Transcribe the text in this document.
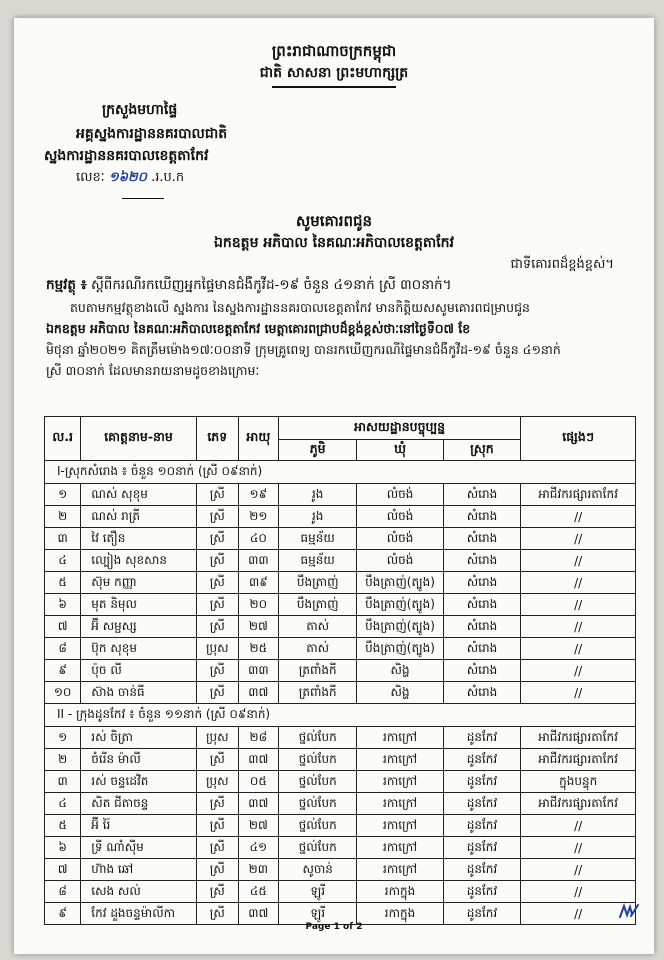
ព្រះរាជាណាចក្រកម្ពុជា
ជាតិ សាសនា ព្រះមហាក្សត្រ
ក្រសួងមហាផ្ទៃ
អគ្គស្នងការដ្ឋាននគរបាលជាតិ
ស្នងការដ្ឋាននគរបាលខេត្តតាកែវ
លេខៈ ១៦២០ .រ.ប.ក
សូមគោរពជូន
ឯកឧត្តម អភិបាល នៃគណៈអភិបាលខេត្តតាកែវ
ជាទីគោរពដ៏ខ្ពង់ខ្ពស់។
កម្មវត្ថុ ៖ ស្តីពីករណីរកឃើញអ្នកផ្ទៃមានជំងឺកូវីដ-១៩ ចំនួន ៤១នាក់ ស្រី ៣០នាក់។
តបតាមកម្មវត្ថុខាងលើ ស្នងការ នៃស្នងការដ្ឋាននគរបាលខេត្តតាកែវ មានកិត្តិយសសូមគោរពជម្រាបជូន
ឯកឧត្តម អភិបាល នៃគណៈអភិបាលខេត្តតាកែវ មេត្តាគោរពជ្រាបដ៏ខ្ពង់ខ្ពស់ថាៈនៅថ្ងៃទី០៧ ខែ
មិថុនា ឆ្នាំ២០២១ គិតត្រឹមម៉ោង១៧ៈ០០នាទី ក្រុមគ្រូពេទ្យ បានរកឃើញករណីផ្ទៃមានជំងឺកូវីដ-១៩ ចំនួន ៤១នាក់
ស្រី ៣០នាក់ ដែលមានរាយនាមដូចខាងក្រោមៈ
ល.រ	គោត្តនាម-នាម	ភេទ	អាយុ	អាសយដ្ឋានបច្ចុប្បន្ន			ផ្សេងៗ
				ភូមិ	ឃុំ	ស្រុក	
I-ស្រុកសំរោង ៖ ចំនួន ១០នាក់ (ស្រី ០៩នាក់)							
១	ណស់ សុខុម	ស្រី	១៩	រូង	លំចង់	សំរោង	អាជីវករផ្សារតាកែវ
២	ណស់ រាត្រី	ស្រី	២១	រូង	លំចង់	សំរោង	//
៣	វៃ តឿន	ស្រី	៤០	ធម្មន័យ	លំចង់	សំរោង	//
៤	ល្បៀង សុខសាន	ស្រី	៣៣	ធម្មន័យ	លំចង់	សំរោង	//
៥	ស៊ុម កញ្ញា	ស្រី	៣៩	បឹងត្រាញ់	បឹងត្រាញ់(ត្បូង)	សំរោង	//
៦	មុត និមុល	ស្រី	២០	បឹងត្រាញ់	បឹងត្រាញ់(ត្បូង)	សំរោង	//
៧	អ៊ី សម្ផស្ស	ស្រី	២៧	តាស់	បឹងត្រាញ់(ត្បូង)	សំរោង	//
៨	ប៊ុក សុខុម	ប្រុស	២៥	តាស់	បឹងត្រាញ់(ត្បូង)	សំរោង	//
៩	ប៉ុច លី	ស្រី	៣៣	ត្រពាំងកី	សិង្ហ	សំរោង	//
១០	ស៊ាង ចាន់ធី	ស្រី	៣៧	ត្រពាំងកី	សិង្ហ	សំរោង	//
II - ក្រុងដូនកែវ ៖ ចំនួន ១១នាក់ (ស្រី ០៩នាក់)							
១	រស់ ចិត្រា	ប្រុស	២៨	ថ្នល់បែក	រកាក្រៅ	ដូនកែវ	អាជីវករផ្សារតាកែវ
២	ចំរើន ម៉ាលី	ស្រី	៣៧	ថ្នល់បែក	រកាក្រៅ	ដូនកែវ	អាជីវករផ្សារតាកែវ
៣	រស់ ចន្ទដេវិត	ប្រុស	០៥	ថ្នល់បែក	រកាក្រៅ	ដូនកែវ	ក្នុងបន្ទុក
៤	សិត ជីតាចន្ទ	ស្រី	៣៧	ថ្នល់បែក	រកាក្រៅ	ដូនកែវ	អាជីវករផ្សារតាកែវ
៥	អ៊ី រ៉ៃ	ស្រី	២៧	ថ្នល់បែក	រកាក្រៅ	ដូនកែវ	//
៦	ទ្រី ណាំស៊ីម	ស្រី	៤១	ថ្នល់បែក	រកាក្រៅ	ដូនកែវ	//
៧	ហ៊ាង ឆៅ	ស្រី	២៣	សូចាន់	រកាក្រៅ	ដូនកែវ	//
៨	សេង សល់	ស្រី	៤៥	ឡូរី	រកាក្នុង	ដូនកែវ	//
៩	កែវ ដួងចន្ទម៉ាលីកា	ស្រី	៣៧	ឡូរី	រកាក្នុង	ដូនកែវ	//
Page 1 of 2
